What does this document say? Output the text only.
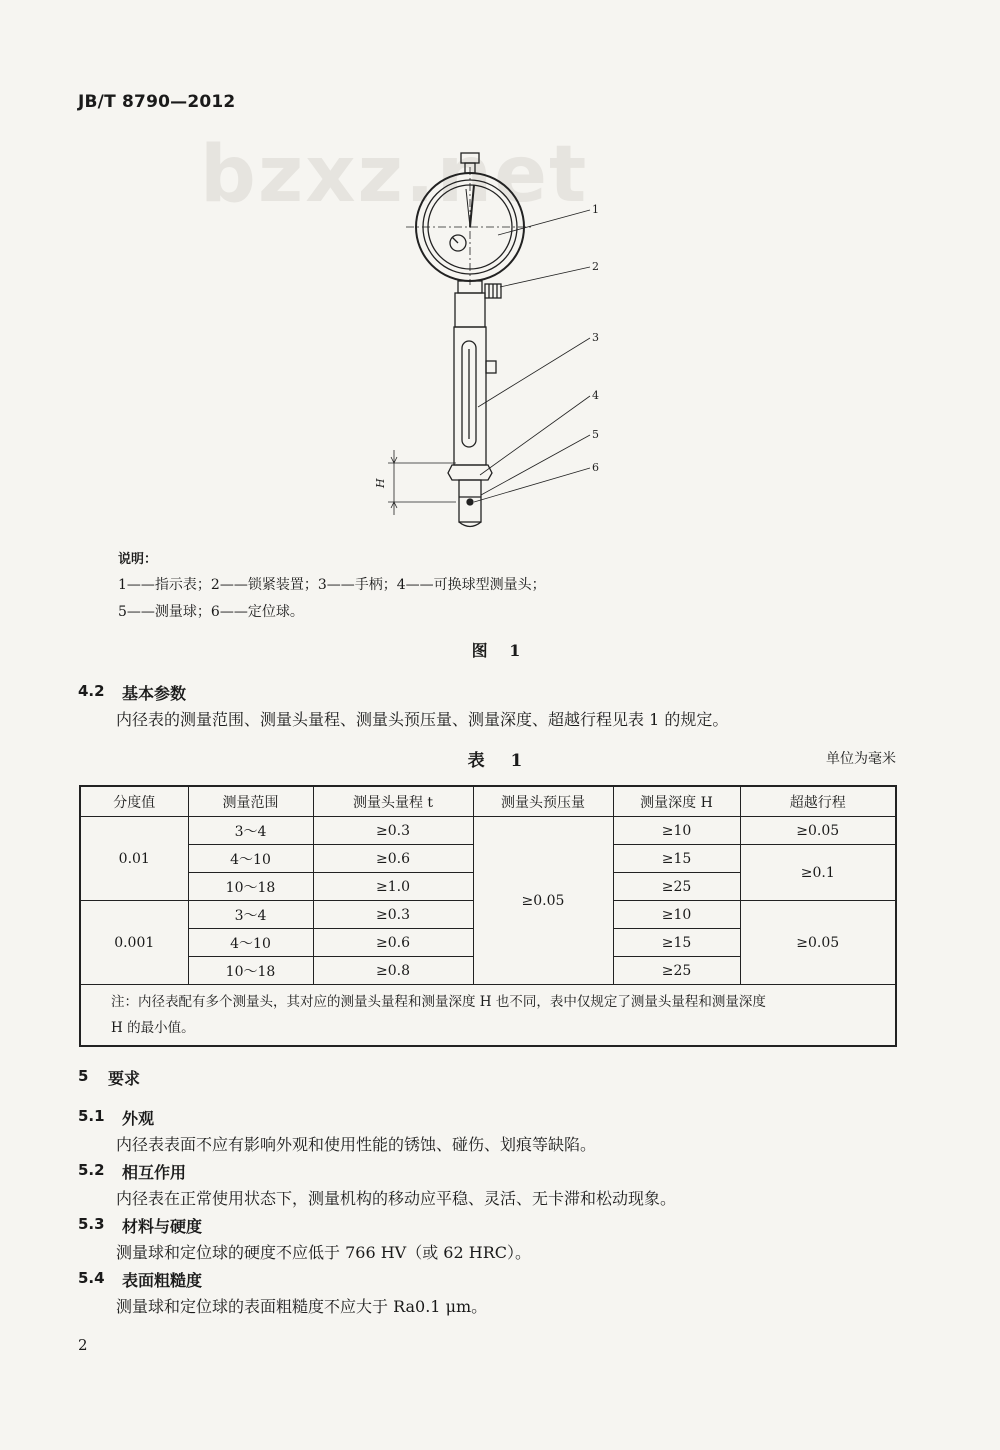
bzxz.net
JB/T 8790—2012
1
2
3
4
5
6
H
说明：
1——指示表；2——锁紧装置；3——手柄；4——可换球型测量头；
5——测量球；6——定位球。
图 1
4.2 基本参数
内径表的测量范围、测量头量程、测量头预压量、测量深度、超越行程见表 1 的规定。
表 1	单位为毫米
分度值	测量范围	测量头量程 t	测量头预压量	测量深度 H	超越行程
0.01	3～4	≥0.3	≥0.05	≥10	≥0.05
	4～10	≥0.6		≥15	≥0.1
	10～18	≥1.0		≥25	
0.001	3～4	≥0.3		≥10	≥0.05
	4～10	≥0.6		≥15	
	10～18	≥0.8		≥25	
注：内径表配有多个测量头，其对应的测量头量程和测量深度 H 也不同，表中仅规定了测量头量程和测量深度
H 的最小值。					
5 要求
5.1 外观
内径表表面不应有影响外观和使用性能的锈蚀、碰伤、划痕等缺陷。
5.2 相互作用
内径表在正常使用状态下，测量机构的移动应平稳、灵活、无卡滞和松动现象。
5.3 材料与硬度
测量球和定位球的硬度不应低于 766 HV（或 62 HRC）。
5.4 表面粗糙度
测量球和定位球的表面粗糙度不应大于 Ra0.1 μm。
2
